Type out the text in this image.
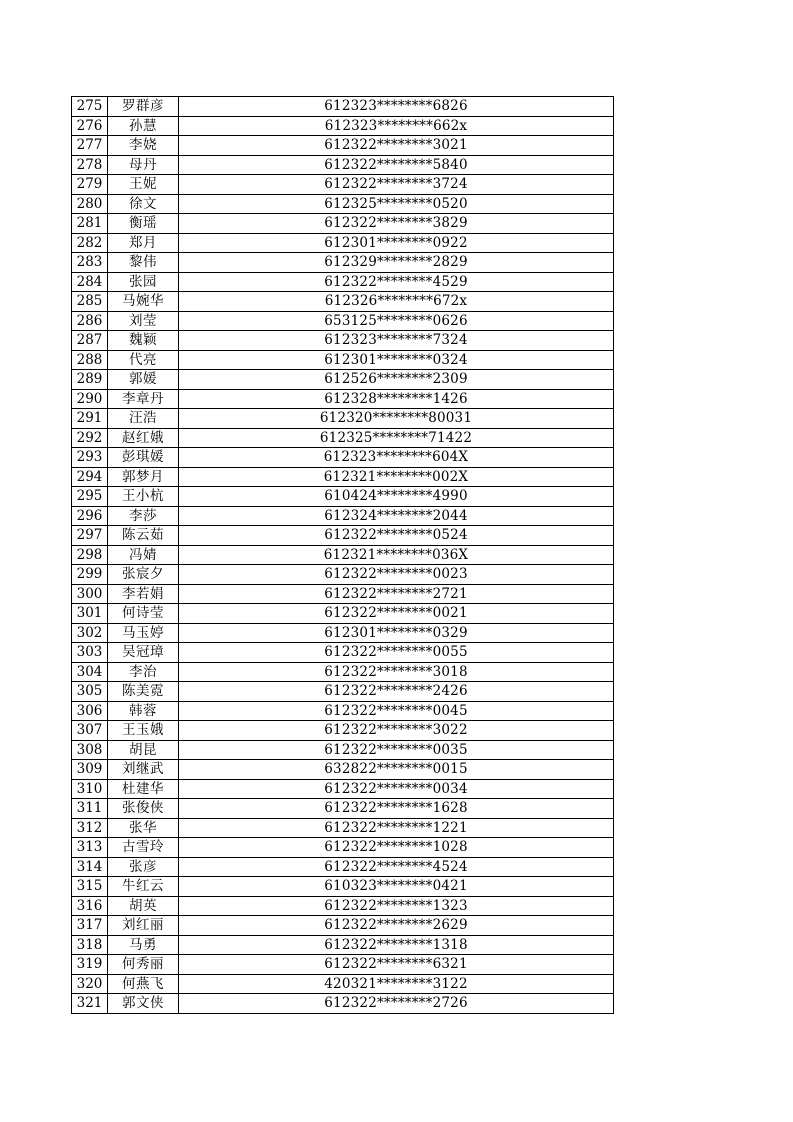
275	罗群彦	612323********6826
276	孙慧	612323********662x
277	李娆	612322********3021
278	母丹	612322********5840
279	王妮	612322********3724
280	徐文	612325********0520
281	衡瑶	612322********3829
282	郑月	612301********0922
283	黎伟	612329********2829
284	张园	612322********4529
285	马婉华	612326********672x
286	刘莹	653125********0626
287	魏颖	612323********7324
288	代亮	612301********0324
289	郭媛	612526********2309
290	李章丹	612328********1426
291	汪浩	612320********80031
292	赵红娥	612325********71422
293	彭琪媛	612323********604X
294	郭梦月	612321********002X
295	王小杭	610424********4990
296	李莎	612324********2044
297	陈云茹	612322********0524
298	冯婧	612321********036X
299	张宸夕	612322********0023
300	李若娟	612322********2721
301	何诗莹	612322********0021
302	马玉婷	612301********0329
303	吴冠璋	612322********0055
304	李治	612322********3018
305	陈美霓	612322********2426
306	韩蓉	612322********0045
307	王玉娥	612322********3022
308	胡昆	612322********0035
309	刘继武	632822********0015
310	杜建华	612322********0034
311	张俊侠	612322********1628
312	张华	612322********1221
313	古雪玲	612322********1028
314	张彦	612322********4524
315	牛红云	610323********0421
316	胡英	612322********1323
317	刘红丽	612322********2629
318	马勇	612322********1318
319	何秀丽	612322********6321
320	何燕飞	420321********3122
321	郭文侠	612322********2726
